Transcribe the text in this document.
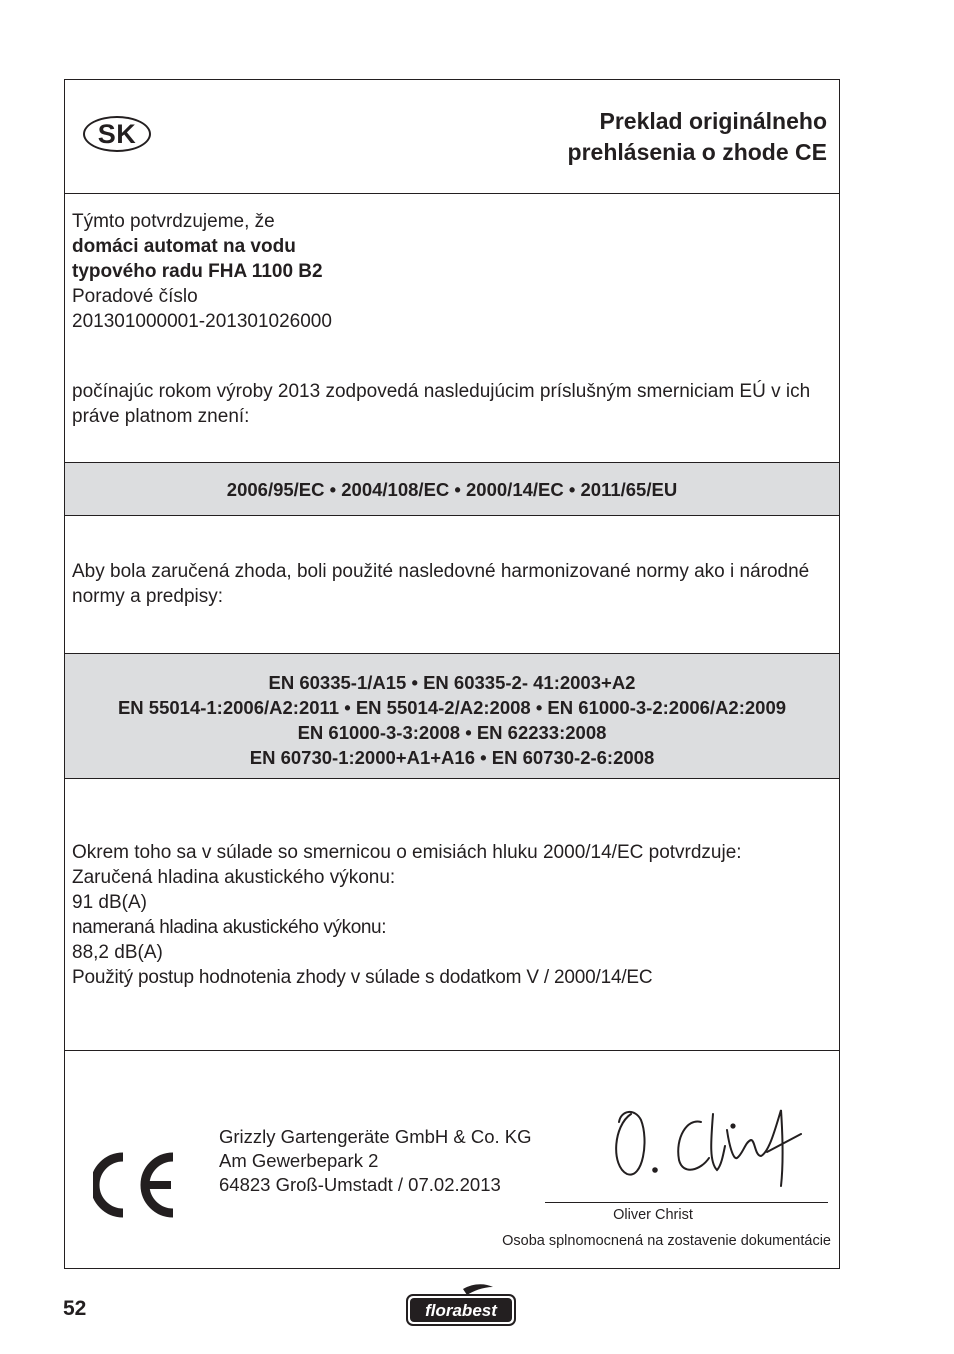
SK	Preklad originálneho
prehlásenia o zhode CE
Týmto potvrdzujeme, že
domáci automat na vodu
typového radu FHA 1100 B2
Poradové číslo
201301000001-201301026000
počínajúc rokom výroby 2013 zodpovedá nasledujúcim príslušným smerniciam EÚ v ich práve platnom znení:
2006/95/EC • 2004/108/EC • 2000/14/EC • 2011/65/EU
Aby bola zaručená zhoda, boli použité nasledovné harmonizované normy ako i národné normy a predpisy:
EN 60335-1/A15 • EN 60335-2- 41:2003+A2
EN 55014-1:2006/A2:2011 • EN 55014-2/A2:2008 • EN 61000-3-2:2006/A2:2009
EN 61000-3-3:2008 • EN 62233:2008
EN 60730-1:2000+A1+A16 • EN 60730-2-6:2008
Okrem toho sa v súlade so smernicou o emisiách hluku 2000/14/EC potvrdzuje:
Zaručená hladina akustického výkonu:
91 dB(A)
nameraná hladina akustického výkonu:
88,2 dB(A)
Použitý postup hodnotenia zhody v súlade s dodatkom V / 2000/14/EC
Grizzly Gartengeräte GmbH & Co. KG
Am Gewerbepark 2
64823 Groß-Umstadt / 07.02.2013
Oliver Christ
Osoba splnomocnená na zostavenie dokumentácie
52	florabest
